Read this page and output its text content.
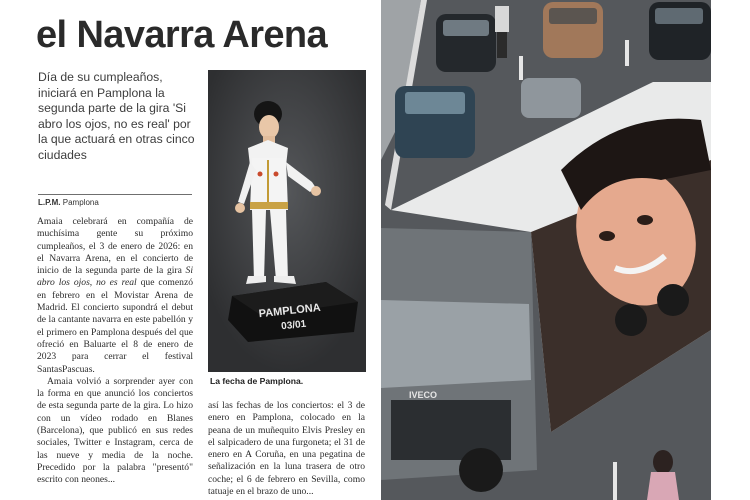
el Navarra Arena
Día de su cumpleaños, iniciará en Pamplona la segunda parte de la gira 'Si abro los ojos, no es real' por la que actuará en otras cinco ciudades
L.P.M. Pamplona

Amaia celebrará en compañía de muchísima gente su próximo cumpleaños, el 3 de enero de 2026: en el Navarra Arena, en el concierto de inicio de la segunda parte de la gira Si abro los ojos, no es real que comenzó en febrero en el Movistar Arena de Madrid. El concierto supondrá el debut de la cantante navarra en este pabellón y el primero en Pamplona después del que ofreció en Baluarte el 8 de enero de 2023 para cerrar el festival SantasPascuas.

Amaia volvió a sorprender ayer con la forma en que anunció los conciertos de esta segunda parte de la gira. Lo hizo con un vídeo rodado en Blanes (Barcelona), que publicó en sus redes sociales, Twitter e Instagram, cerca de las nueve y media de la noche. Precedido por la palabra "presentó" escrito con neones...

PAMPLONA
03/01
La fecha de Pamplona.

así las fechas de los conciertos: el 3 de enero en Pamplona, colocado en la peana de un muñequito Elvis Presley en el salpicadero de una furgoneta; el 31 de enero en A Coruña, en una pegatina de señalización en la luna trasera de otro coche; el 6 de febrero en Sevilla, como tatuaje en el brazo de uno...

IVECO
